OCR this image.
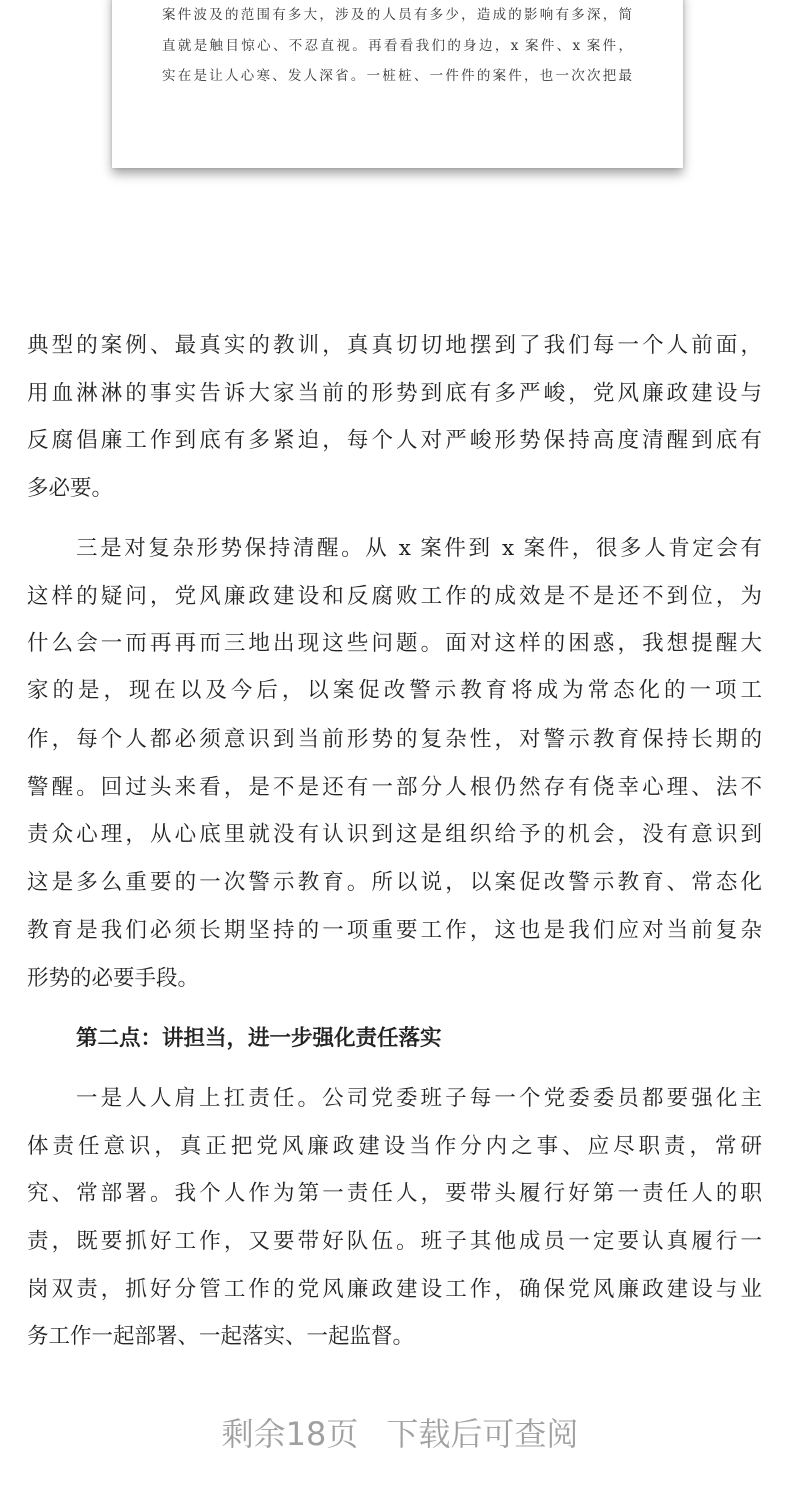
案件波及的范围有多大，涉及的人员有多少，造成的影响有多深，简
直就是触目惊心、不忍直视。再看看我们的身边，x 案件、x 案件，
实在是让人心寒、发人深省。一桩桩、一件件的案件，也一次次把最
典型的案例、最真实的教训，真真切切地摆到了我们每一个人前面，
用血淋淋的事实告诉大家当前的形势到底有多严峻，党风廉政建设与
反腐倡廉工作到底有多紧迫，每个人对严峻形势保持高度清醒到底有
多必要。
三是对复杂形势保持清醒。从 x 案件到 x 案件，很多人肯定会有
这样的疑问，党风廉政建设和反腐败工作的成效是不是还不到位，为
什么会一而再再而三地出现这些问题。面对这样的困惑，我想提醒大
家的是，现在以及今后，以案促改警示教育将成为常态化的一项工
作，每个人都必须意识到当前形势的复杂性，对警示教育保持长期的
警醒。回过头来看，是不是还有一部分人根仍然存有侥幸心理、法不
责众心理，从心底里就没有认识到这是组织给予的机会，没有意识到
这是多么重要的一次警示教育。所以说，以案促改警示教育、常态化
教育是我们必须长期坚持的一项重要工作，这也是我们应对当前复杂
形势的必要手段。
第二点：讲担当，进一步强化责任落实
一是人人肩上扛责任。公司党委班子每一个党委委员都要强化主
体责任意识，真正把党风廉政建设当作分内之事、应尽职责，常研
究、常部署。我个人作为第一责任人，要带头履行好第一责任人的职
责，既要抓好工作，又要带好队伍。班子其他成员一定要认真履行一
岗双责，抓好分管工作的党风廉政建设工作，确保党风廉政建设与业
务工作一起部署、一起落实、一起监督。
剩余18页 下载后可查阅
